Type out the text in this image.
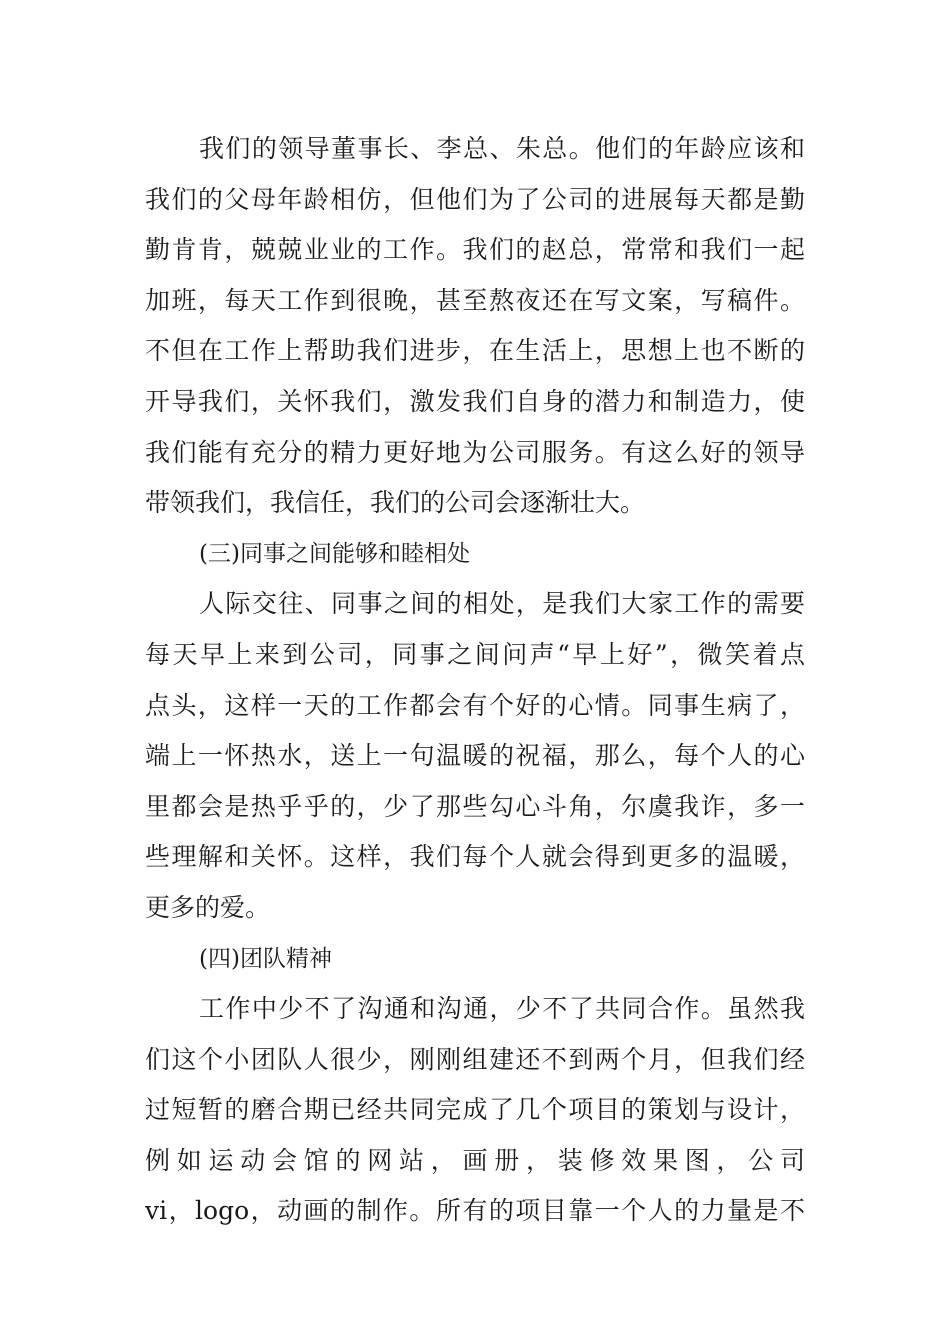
我们的领导董事长、李总、朱总。他们的年龄应该和
我们的父母年龄相仿，但他们为了公司的进展每天都是勤
勤肯肯，兢兢业业的工作。我们的赵总，常常和我们一起
加班，每天工作到很晚，甚至熬夜还在写文案，写稿件。
不但在工作上帮助我们进步，在生活上，思想上也不断的
开导我们，关怀我们，激发我们自身的潜力和制造力，使
我们能有充分的精力更好地为公司服务。有这么好的领导
带领我们，我信任，我们的公司会逐渐壮大。
(三)同事之间能够和睦相处
人际交往、同事之间的相处，是我们大家工作的需要
每天早上来到公司，同事之间问声“早上好”，微笑着点
点头，这样一天的工作都会有个好的心情。同事生病了，
端上一怀热水，送上一句温暖的祝福，那么，每个人的心
里都会是热乎乎的，少了那些勾心斗角，尔虞我诈，多一
些理解和关怀。这样，我们每个人就会得到更多的温暖，
更多的爱。
(四)团队精神
工作中少不了沟通和沟通，少不了共同合作。虽然我
们这个小团队人很少，刚刚组建还不到两个月，但我们经
过短暂的磨合期已经共同完成了几个项目的策划与设计，
例如运动会馆的网站，画册，装修效果图，公司
vi，logo，动画的制作。所有的项目靠一个人的力量是不
